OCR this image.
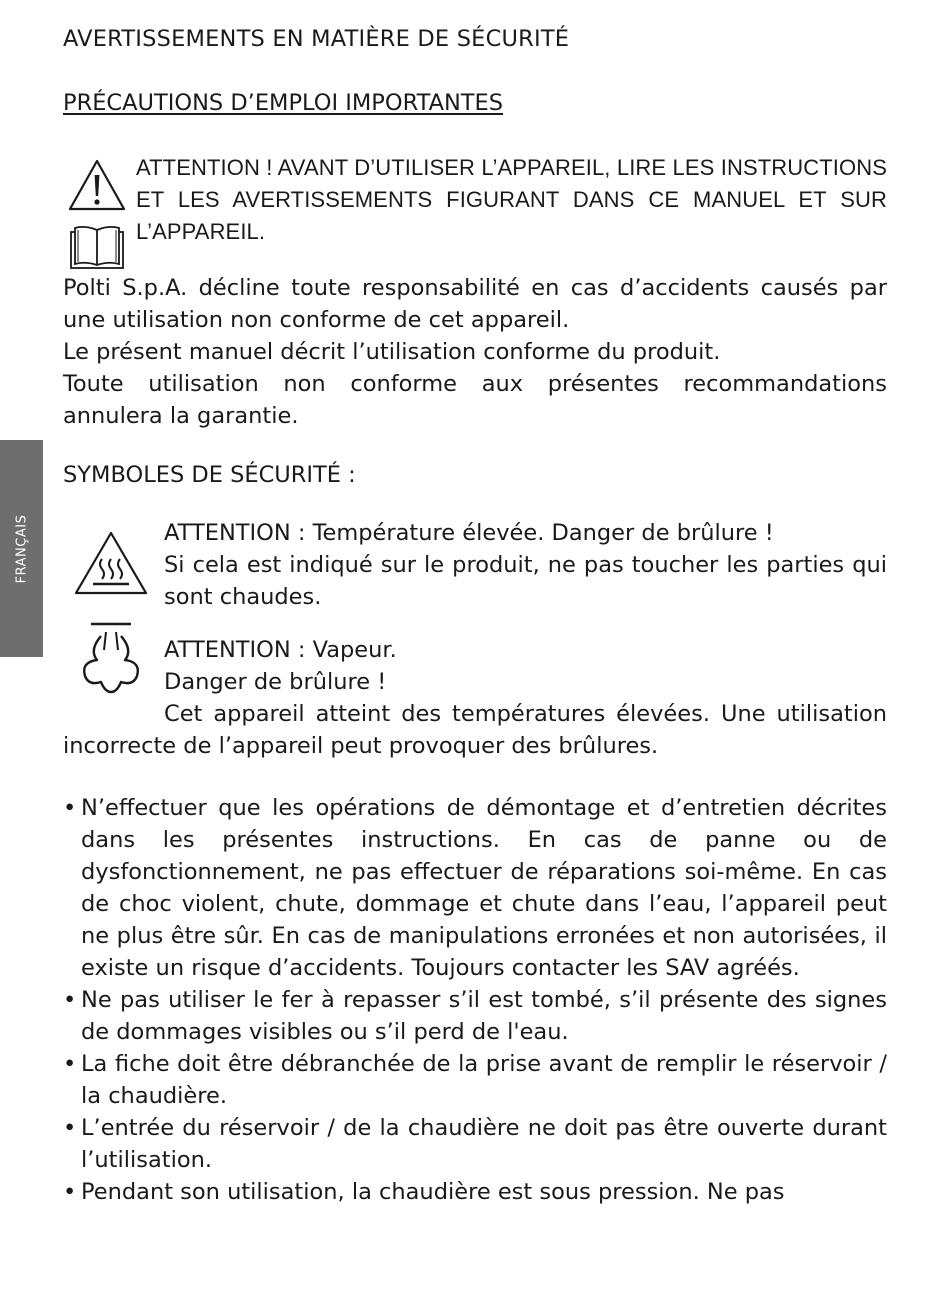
FRANÇAIS
AVERTISSEMENTS EN MATIÈRE DE SÉCURITÉ
PRÉCAUTIONS D’EMPLOI IMPORTANTES

ATTENTION ! AVANT D’UTILISER L’APPAREIL, LIRE LES INSTRUCTIONS ET LES AVERTISSEMENTS FIGURANT DANS CE MANUEL ET SUR L’APPAREIL.
Polti S.p.A. décline toute responsabilité en cas d’accidents causés par une utilisation non conforme de cet appareil.
Le présent manuel décrit l’utilisation conforme du produit.
Toute utilisation non conforme aux présentes recommandations annulera la garantie.
SYMBOLES DE SÉCURITÉ :
ATTENTION : Température élevée. Danger de brûlure !
Si cela est indiqué sur le produit, ne pas toucher les parties qui sont chaudes.
ATTENTION : Vapeur.
Danger de brûlure !
Cet appareil atteint des températures élevées. Une utilisation incorrecte de l’appareil peut provoquer des brûlures.
• N’effectuer que les opérations de démontage et d’entretien décrites dans les présentes instructions. En cas de panne ou de dysfonctionnement, ne pas effectuer de réparations soi-même. En cas de choc violent, chute, dommage et chute dans l’eau, l’appareil peut ne plus être sûr. En cas de manipulations erronées et non autorisées, il existe un risque d’accidents. Toujours contacter les SAV agréés.
• Ne pas utiliser le fer à repasser s’il est tombé, s’il présente des signes de dommages visibles ou s’il perd de l'eau.
• La fiche doit être débranchée de la prise avant de remplir le réservoir / la chaudière.
• L’entrée du réservoir / de la chaudière ne doit pas être ouverte durant l’utilisation.
• Pendant son utilisation, la chaudière est sous pression. Ne pas
